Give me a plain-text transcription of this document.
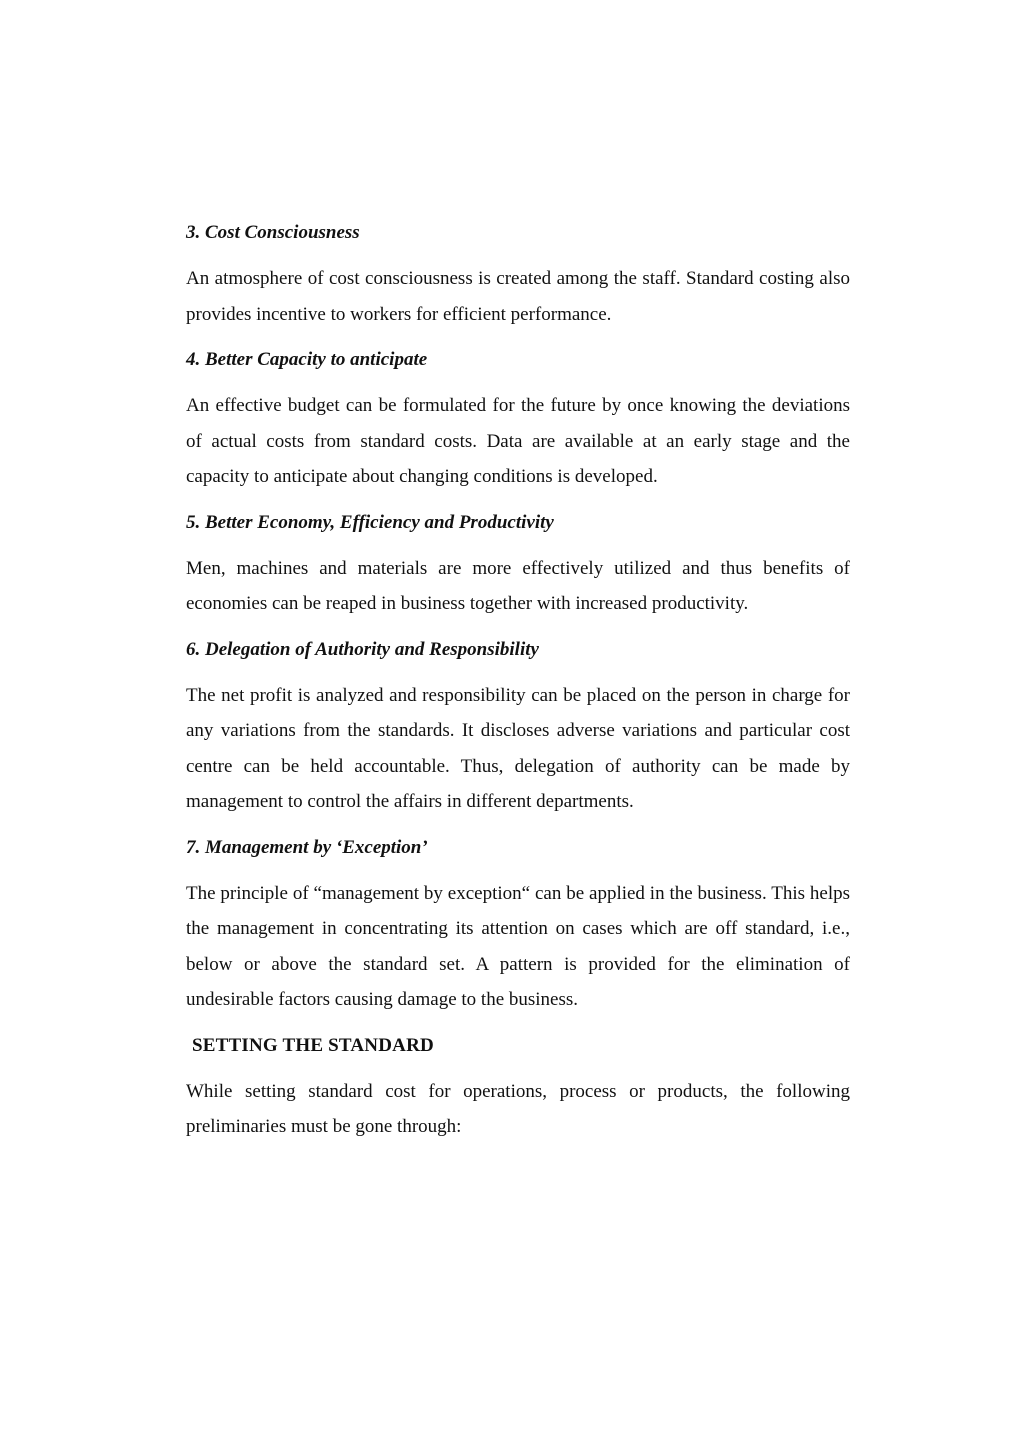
3. Cost Consciousness
An atmosphere of cost consciousness is created among the staff. Standard costing also provides incentive to workers for efficient performance.
4. Better Capacity to anticipate
An effective budget can be formulated for the future by once knowing the deviations of actual costs from standard costs. Data are available at an early stage and the capacity to anticipate about changing conditions is developed.
5. Better Economy, Efficiency and Productivity
Men, machines and materials are more effectively utilized and thus benefits of economies can be reaped in business together with increased productivity.
6. Delegation of Authority and Responsibility
The net profit is analyzed and responsibility can be placed on the person in charge for any variations from the standards. It discloses adverse variations and particular cost centre can be held accountable. Thus, delegation of authority can be made by management to control the affairs in different departments.
7. Management by ‘Exception’
The principle of “management by exception“ can be applied in the business. This helps the management in concentrating its attention on cases which are off standard, i.e., below or above the standard set. A pattern is provided for the elimination of undesirable factors causing damage to the business.
SETTING THE STANDARD
While setting standard cost for operations, process or products, the following preliminaries must be gone through:
